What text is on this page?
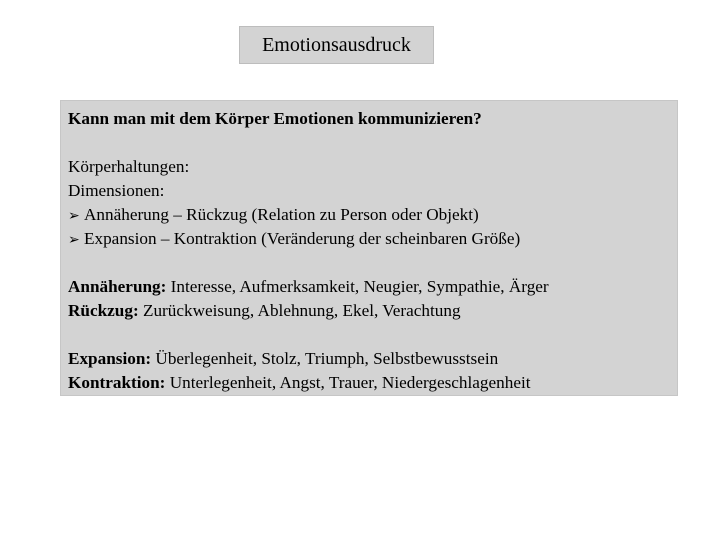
Emotionsausdruck
Kann man mit dem Körper Emotionen kommunizieren?
Körperhaltungen:
Dimensionen:
➢ Annäherung – Rückzug (Relation zu Person oder Objekt)
➢ Expansion – Kontraktion (Veränderung der scheinbaren Größe)
Annäherung: Interesse, Aufmerksamkeit, Neugier, Sympathie, Ärger
Rückzug: Zurückweisung, Ablehnung, Ekel, Verachtung
Expansion: Überlegenheit, Stolz, Triumph, Selbstbewusstsein
Kontraktion: Unterlegenheit, Angst, Trauer, Niedergeschlagenheit
